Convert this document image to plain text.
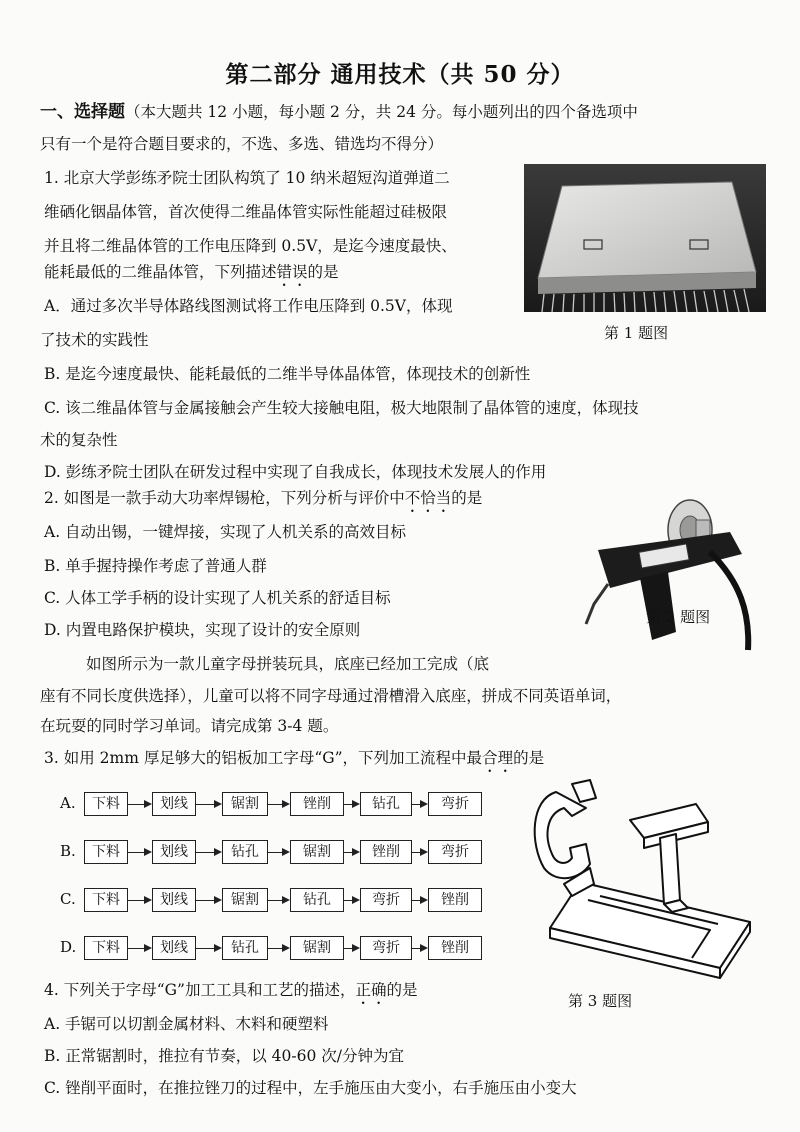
第二部分 通用技术（共 50 分）
一、选择题（本大题共 12 小题，每小题 2 分，共 24 分。每小题列出的四个备选项中
只有一个是符合题目要求的，不选、多选、错选均不得分）
1. 北京大学彭练矛院士团队构筑了 10 纳米超短沟道弹道二
维硒化铟晶体管，首次使得二维晶体管实际性能超过硅极限
并且将二维晶体管的工作电压降到 0.5V，是迄今速度最快、
能耗最低的二维晶体管，下列描述错误的是
A．通过多次半导体路线图测试将工作电压降到 0.5V，体现
了技术的实践性
B. 是迄今速度最快、能耗最低的二维半导体晶体管，体现技术的创新性
C. 该二维晶体管与金属接触会产生较大接触电阻，极大地限制了晶体管的速度，体现技
术的复杂性
D. 彭练矛院士团队在研发过程中实现了自我成长，体现技术发展人的作用
第 1 题图
2. 如图是一款手动大功率焊锡枪，下列分析与评价中不恰当的是
A. 自动出锡，一键焊接，实现了人机关系的高效目标
B. 单手握持操作考虑了普通人群
C. 人体工学手柄的设计实现了人机关系的舒适目标
D. 内置电路保护模块，实现了设计的安全原则
第 2 题图
如图所示为一款儿童字母拼装玩具，底座已经加工完成（底
座有不同长度供选择），儿童可以将不同字母通过滑槽滑入底座，拼成不同英语单词，
在玩耍的同时学习单词。请完成第 3-4 题。
3. 如用 2mm 厚足够大的铝板加工字母“G”，下列加工流程中最合理的是
A.	下料	划线	锯割	锉削	钻孔	弯折
B.	下料	划线	钻孔	锯割	锉削	弯折
C.	下料	划线	锯割	钻孔	弯折	锉削
D.	下料	划线	钻孔	锯割	弯折	锉削
第 3 题图
4. 下列关于字母“G”加工工具和工艺的描述，正确的是
A. 手锯可以切割金属材料、木料和硬塑料
B. 正常锯割时，推拉有节奏，以 40-60 次/分钟为宜
C. 锉削平面时，在推拉锉刀的过程中，左手施压由大变小，右手施压由小变大
